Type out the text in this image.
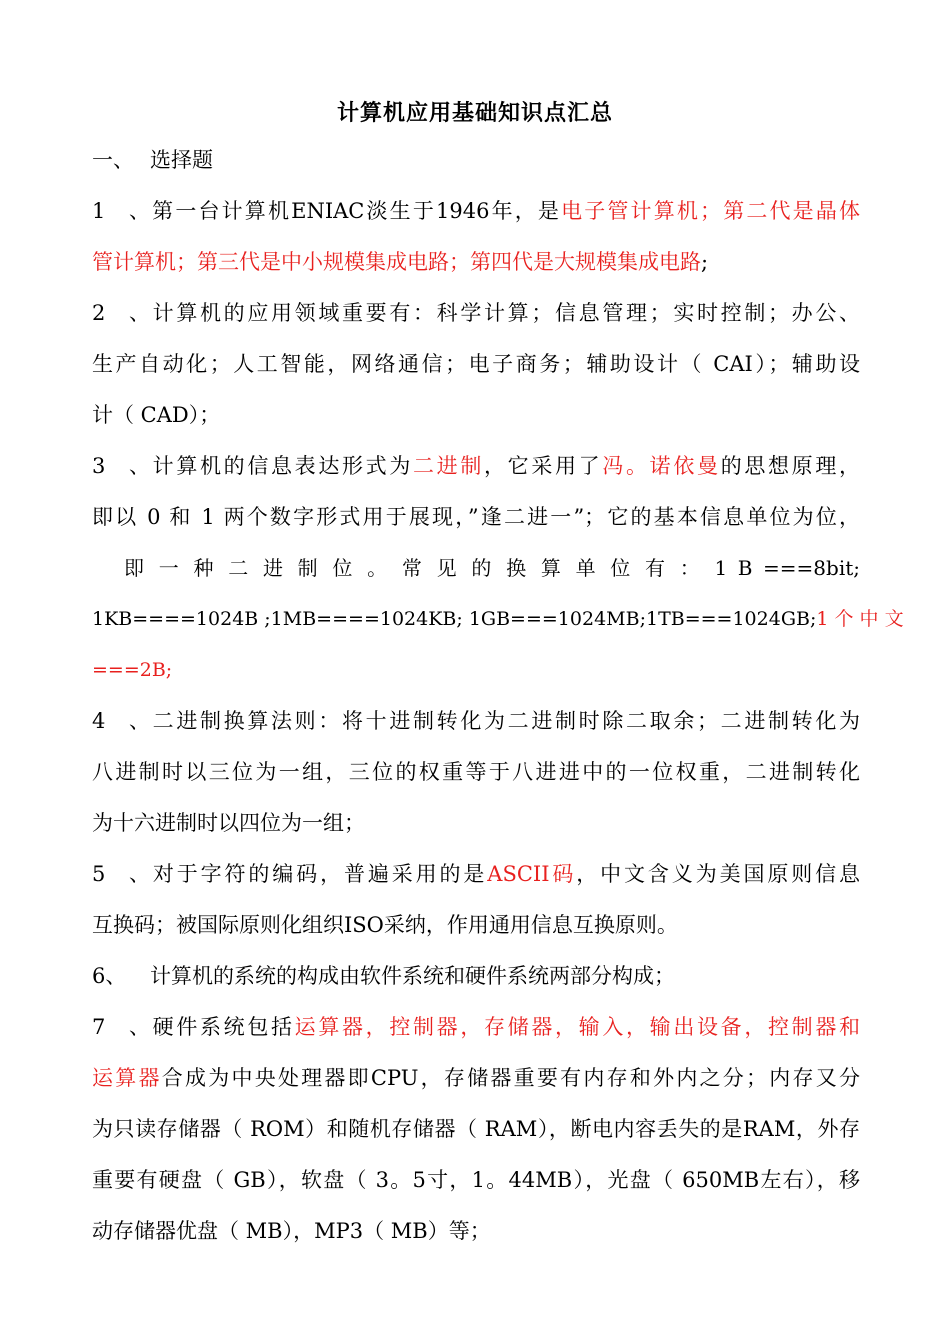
计算机应用基础知识点汇总
一、 选择题
1、第一台计算机ENIAC淡生于1946年，是电子管计算机；第二代是晶体
管计算机；第三代是中小规模集成电路；第四代是大规模集成电路;
2、计算机的应用领域重要有：科学计算；信息管理；实时控制；办公、
生产自动化；人工智能，网络通信；电子商务；辅助设计（ CAI）；辅助设
计（ CAD）；
3、计算机的信息表达形式为二进制，它采用了冯。诺依曼的思想原理，
即以 0 和 1 两个数字形式用于展现，”逢二进一”；它的基本信息单位为位，
即 一 种 二 进 制 位 。 常 见 的 换 算 单 位 有 ： 1 B ===8bit;
1KB====1024B ;1MB====1024KB; 1GB===1024MB;1TB===1024GB;1 个 中 文
===2B;
4、二进制换算法则：将十进制转化为二进制时除二取余；二进制转化为
八进制时以三位为一组，三位的权重等于八进进中的一位权重，二进制转化
为十六进制时以四位为一组；
5、对于字符的编码，普遍采用的是ASCII码，中文含义为美国原则信息
互换码；被国际原则化组织ISO采纳，作用通用信息互换原则。
6、 计算机的系统的构成由软件系统和硬件系统两部分构成；
7、硬件系统包括运算器，控制器，存储器，输入，输出设备，控制器和
运算器合成为中央处理器即CPU，存储器重要有内存和外内之分；内存又分
为只读存储器（ ROM）和随机存储器（ RAM），断电内容丢失的是RAM，外存
重要有硬盘（ GB），软盘（ 3。5寸，1。44MB），光盘（ 650MB左右），移
动存储器优盘（ MB），MP3（ MB）等；
